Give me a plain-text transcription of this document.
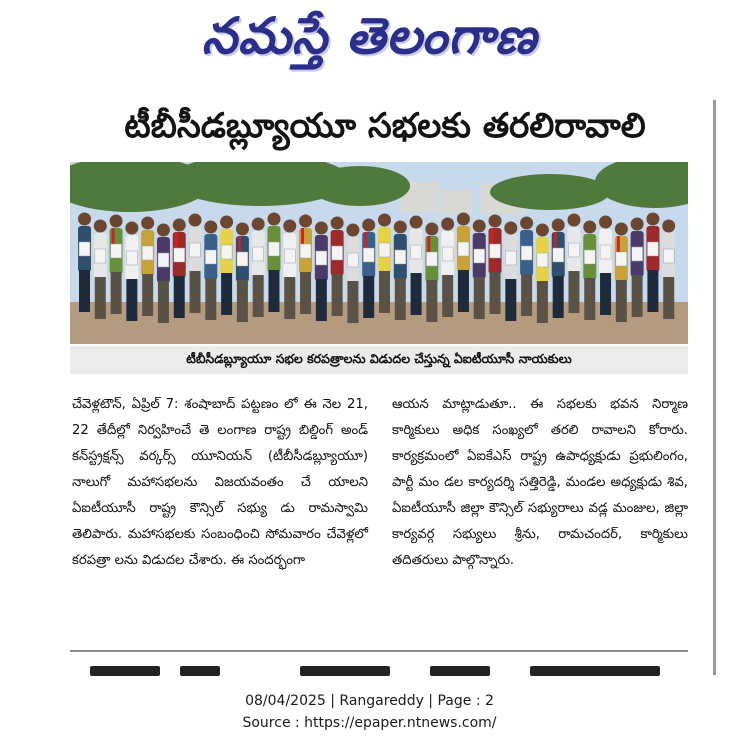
నమస్తే తెలంగాణ
టీబీసీడబ్ల్యూయూ సభలకు తరలిరావాలి
టీబీసీడబ్ల్యూయూ సభల కరపత్రాలను విడుదల చేస్తున్న ఏఐటీయూసీ నాయకులు
చేవెళ్లటౌన్‌, ఏప్రిల్‌ 7: శంషాబాద్‌ పట్టణం లో ఈ నెల 21, 22 తేదీల్లో నిర్వహించే తె లంగాణ రాష్ట్ర బిల్డింగ్‌ అండ్‌ కన్‌స్ట్రక్షన్స్‌ వర్కర్స్‌ యూనియన్‌ (టీబీసీడబ్ల్యూయూ) నాలుగో మహాసభలను విజయవంతం చే యాలని ఏఐటీయూసీ రాష్ట్ర కౌన్సిల్‌ సభ్యు డు రామస్వామి తెలిపారు. మహాసభలకు సంబంధించి సోమవారం చేవెళ్లలో కరపత్రా లను విడుదల చేశారు. ఈ సందర్భంగా
ఆయన మాట్లాడుతూ.. ఈ సభలకు భవన నిర్మాణ కార్మికులు అధిక సంఖ్యలో తరలి రావాలని కోరారు. కార్యక్రమంలో ఏఐకేఎస్‌ రాష్ట్ర ఉపాధ్యక్షుడు ప్రభులింగం, పార్టీ మం డల కార్యదర్శి సత్తిరెడ్డి, మండల అధ్యక్షుడు శివ, ఏఐటీయూసీ జిల్లా కౌన్సిల్‌ సభ్యురాలు వడ్ల మంజుల, జిల్లా కార్యవర్గ సభ్యులు శ్రీను, రామచందర్‌, కార్మికులు తదితరులు పాల్గొన్నారు.
08/04/2025 | Rangareddy | Page : 2
Source : https://epaper.ntnews.com/
